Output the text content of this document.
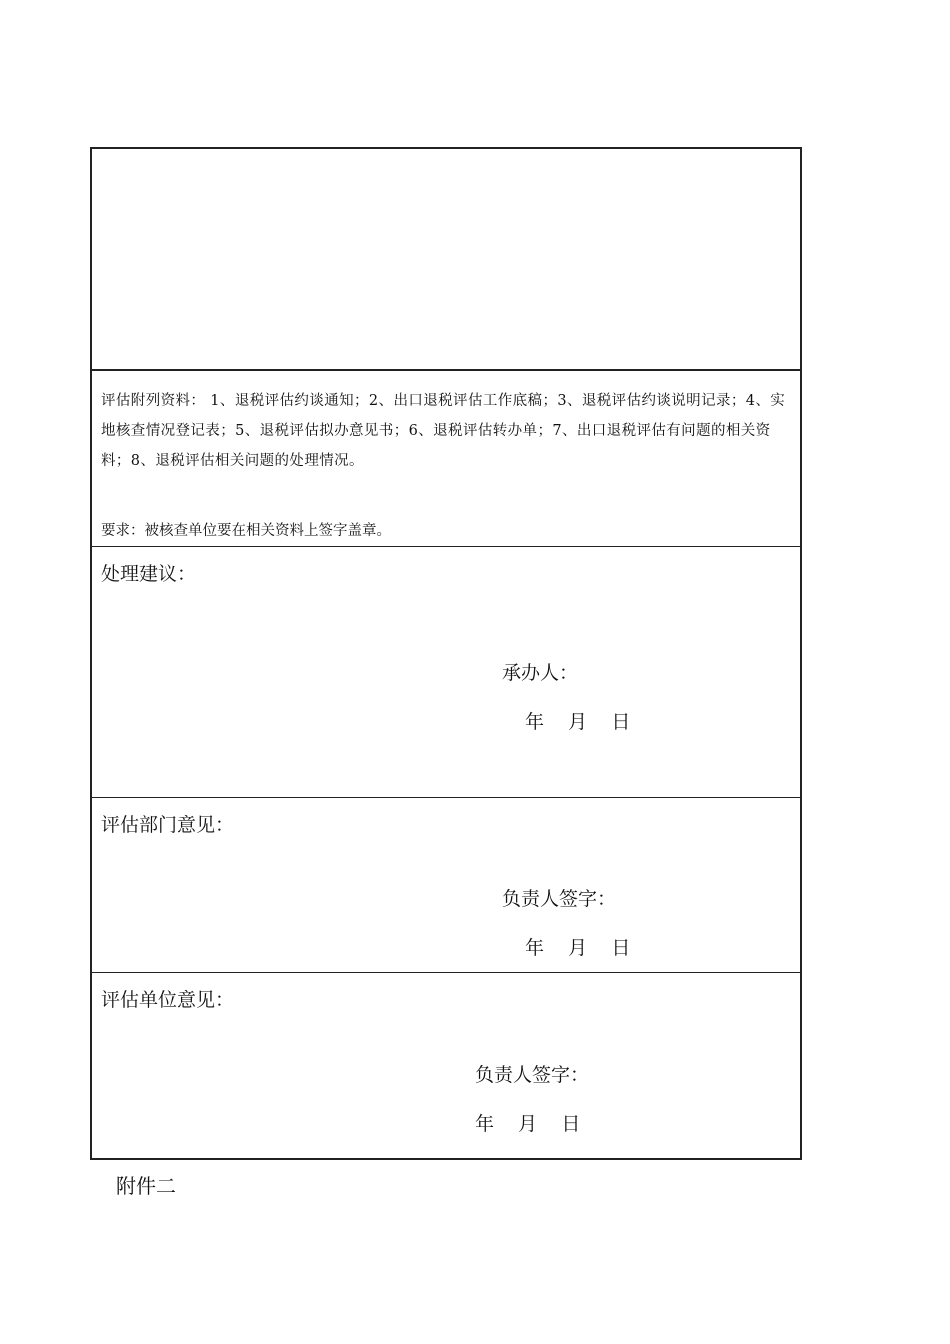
评估附列资料： 1、退税评估约谈通知；2、出口退税评估工作底稿；3、退税评估约谈说明记录；4、实地核查情况登记表；5、退税评估拟办意见书；6、退税评估转办单；7、出口退税评估有问题的相关资料；8、退税评估相关问题的处理情况。
要求：被核查单位要在相关资料上签字盖章。
处理建议：
承办人：
年    月    日
评估部门意见：
负责人签字：
年    月    日
评估单位意见：
负责人签字：
年    月    日
附件二
